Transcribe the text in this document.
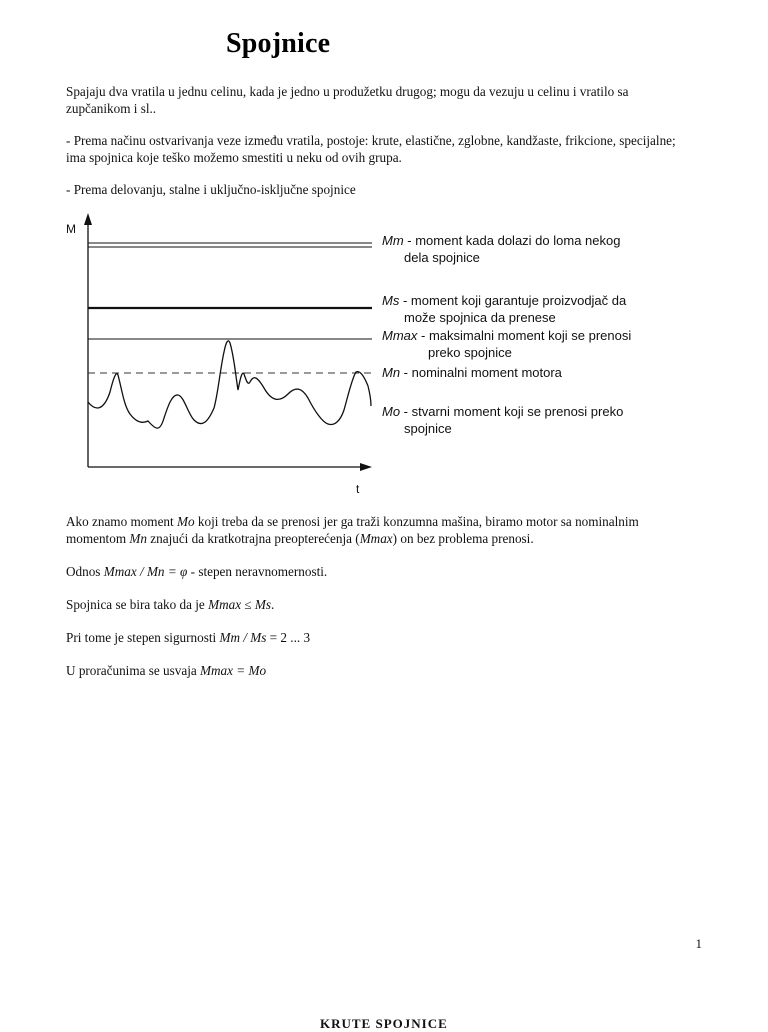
Spojnice
Spajaju dva vratila u jednu celinu, kada je jedno u produžetku drugog; mogu da vezuju u celinu i vratilo sa zupčanikom i sl..
- Prema načinu ostvarivanja veze između vratila, postoje: krute, elastične, zglobne, kandžaste, frikcione, specijalne; ima spojnica koje teško možemo smestiti u neku od ovih grupa.
- Prema delovanju, stalne i uključno-isključne spojnice
M
t
Mm - moment kada dolazi do loma nekog
dela spojnice
Ms - moment koji garantuje proizvodjač da
može spojnica da prenese
Mmax - maksimalni moment koji se prenosi
preko spojnice
Mn - nominalni moment motora
Mo - stvarni moment koji se prenosi preko
spojnice
Ako znamo moment Mo koji treba da se prenosi jer ga traži konzumna mašina, biramo motor sa nominalnim momentom Mn znajući da kratkotrajna preopterećenja (Mmax) on bez problema prenosi.
Odnos Mmax / Mn = φ - stepen neravnomernosti.
Spojnica se bira tako da je Mmax ≤ Ms.
Pri tome je stepen sigurnosti Mm / Ms = 2 ... 3
U proračunima se usvaja Mmax = Mo
1
KRUTE SPOJNICE
